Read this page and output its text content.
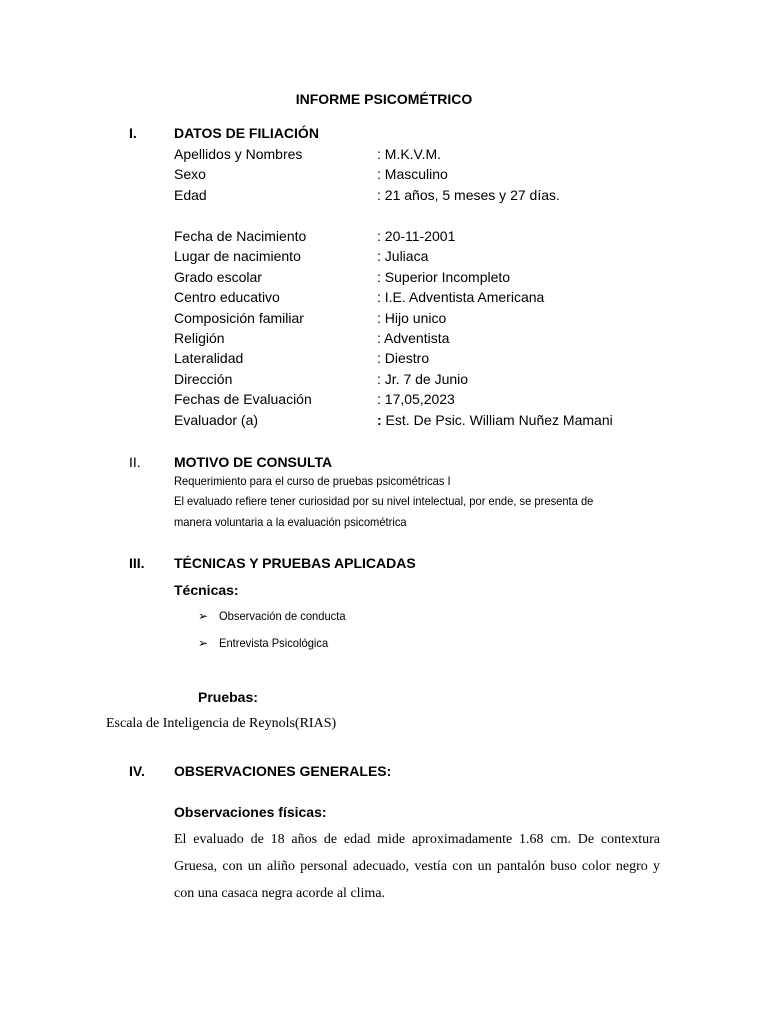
INFORME PSICOMÉTRICO
I.	DATOS DE FILIACIÓN
Apellidos y Nombres	: M.K.V.M.
Sexo	: Masculino
Edad	: 21 años, 5 meses y 27 días.
Fecha de Nacimiento	: 20-11-2001
Lugar de nacimiento	: Juliaca
Grado escolar	: Superior Incompleto
Centro educativo	: I.E. Adventista Americana
Composición familiar	: Hijo unico
Religión	: Adventista
Lateralidad	: Diestro
Dirección	: Jr. 7 de Junio
Fechas de Evaluación	: 17,05,2023
Evaluador (a)	: Est. De Psic. William Nuñez Mamani
II. MOTIVO DE CONSULTA
Requerimiento para el curso de pruebas psicométricas I
El evaluado refiere tener curiosidad por su nivel intelectual, por ende, se presenta de
manera voluntaria a la evaluación psicométrica
III. TÉCNICAS Y PRUEBAS APLICADAS
Técnicas:
➢ Observación de conducta
➢ Entrevista Psicológica
Pruebas:
Escala de Inteligencia de Reynols(RIAS)
IV. OBSERVACIONES GENERALES:
Observaciones físicas:
El evaluado de 18 años de edad mide aproximadamente 1.68 cm. De contextura Gruesa, con un aliño personal adecuado, vestía con un pantalón buso color negro y con una casaca negra acorde al clima.
